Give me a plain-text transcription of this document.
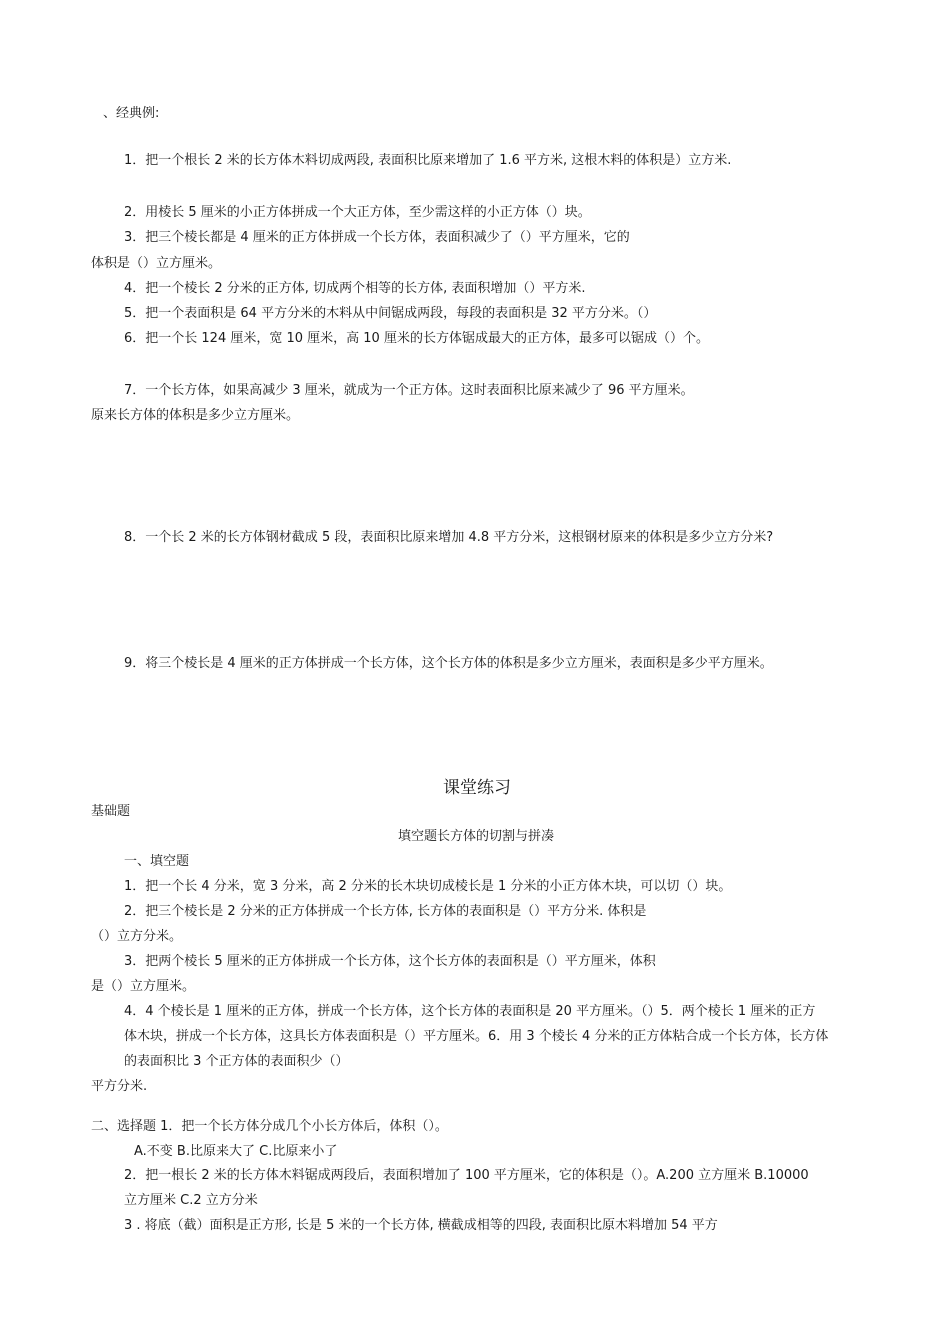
、经典例:
1．把一个根长 2 米的长方体木料切成两段, 表面积比原来增加了 1.6 平方米, 这根木料的体积是）立方米.
2．用棱长 5 厘米的小正方体拼成一个大正方体，至少需这样的小正方体（）块。
3．把三个棱长都是 4 厘米的正方体拼成一个长方体，表面积减少了（）平方厘米，它的
体积是（）立方厘米。
4．把一个棱长 2 分米的正方体, 切成两个相等的长方体, 表面积增加（）平方米.
5．把一个表面积是 64 平方分米的木料从中间锯成两段，每段的表面积是 32 平方分米。（）
6．把一个长 124 厘米，宽 10 厘米，高 10 厘米的长方体锯成最大的正方体，最多可以锯成（）个。
7．一个长方体，如果高减少 3 厘米，就成为一个正方体。这时表面积比原来减少了 96 平方厘米。
原来长方体的体积是多少立方厘米。
8．一个长 2 米的长方体钢材截成 5 段，表面积比原来增加 4.8 平方分米，这根钢材原来的体积是多少立方分米?
9．将三个棱长是 4 厘米的正方体拼成一个长方体，这个长方体的体积是多少立方厘米，表面积是多少平方厘米。
课堂练习
基础题
填空题长方体的切割与拼凑
一、填空题
1．把一个长 4 分米，宽 3 分米，高 2 分米的长木块切成棱长是 1 分米的小正方体木块，可以切（）块。
2．把三个棱长是 2 分米的正方体拼成一个长方体, 长方体的表面积是（）平方分米. 体积是
（）立方分米。
3．把两个棱长 5 厘米的正方体拼成一个长方体，这个长方体的表面积是（）平方厘米，体积
是（）立方厘米。
4．4 个棱长是 1 厘米的正方体，拼成一个长方体，这个长方体的表面积是 20 平方厘米。（）5．两个棱长 1 厘米的正方
体木块，拼成一个长方体，这具长方体表面积是（）平方厘米。6．用 3 个棱长 4 分米的正方体粘合成一个长方体，长方体
的表面积比 3 个正方体的表面积少（）
平方分米.
二、选择题 1．把一个长方体分成几个小长方体后，体积（）。
A.不变 B.比原来大了 C.比原来小了
2．把一根长 2 米的长方体木料锯成两段后，表面积增加了 100 平方厘米，它的体积是（）。A.200 立方厘米 B.10000
立方厘米 C.2 立方分米
3 . 将底（截）面积是正方形, 长是 5 米的一个长方体, 横截成相等的四段, 表面积比原木料增加 54 平方
